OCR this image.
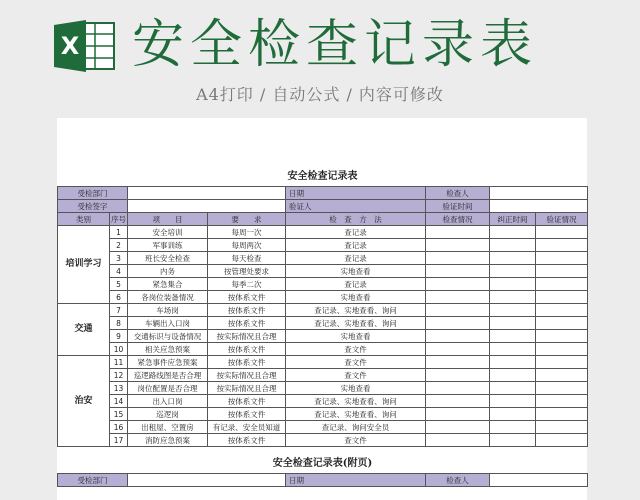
X 安全检查记录表
A4打印 / 自动公式 / 内容可修改
安全检查记录表							
受检部门				日期	检查人		
受检签字				验证人	验证时间		
类别	序号	项　　目	要　　求	检　查　方　法	检查情况	纠正时间	验证情况
培训学习	1	安全培训	每周一次	查记录			
	2	军事训练	每周两次	查记录			
	3	班长安全检查	每天检查	查记录			
	4	内务	按管理处要求	实地查看			
	5	紧急集合	每季二次	查记录			
	6	各岗位装备情况	按体系文件	实地查看			
交通	7	车场岗	按体系文件	查记录、实地查看、询问			
	8	车辆出入口岗	按体系文件	查记录、实地查看、询问			
	9	交通标识与设备情况	按实际情况且合理	实地查看			
	10	相关应急预案	按体系文件	查文件			
治安	11	紧急事件应急预案	按体系文件	查文件			
	12	巡逻路线图是否合理	按实际情况且合理	查文件			
	13	岗位配置是否合理	按实际情况且合理	实地查看			
	14	出入口岗	按体系文件	查记录、实地查看、询问			
	15	巡逻岗	按体系文件	查记录、实地查看、询问			
	16	出租屋、空置房	有记录、安全员知道	查记录、询问安全员			
	17	消防应急预案	按体系文件	查文件			

安全检查记录表(附页)							
受检部门				日期	检查人		
